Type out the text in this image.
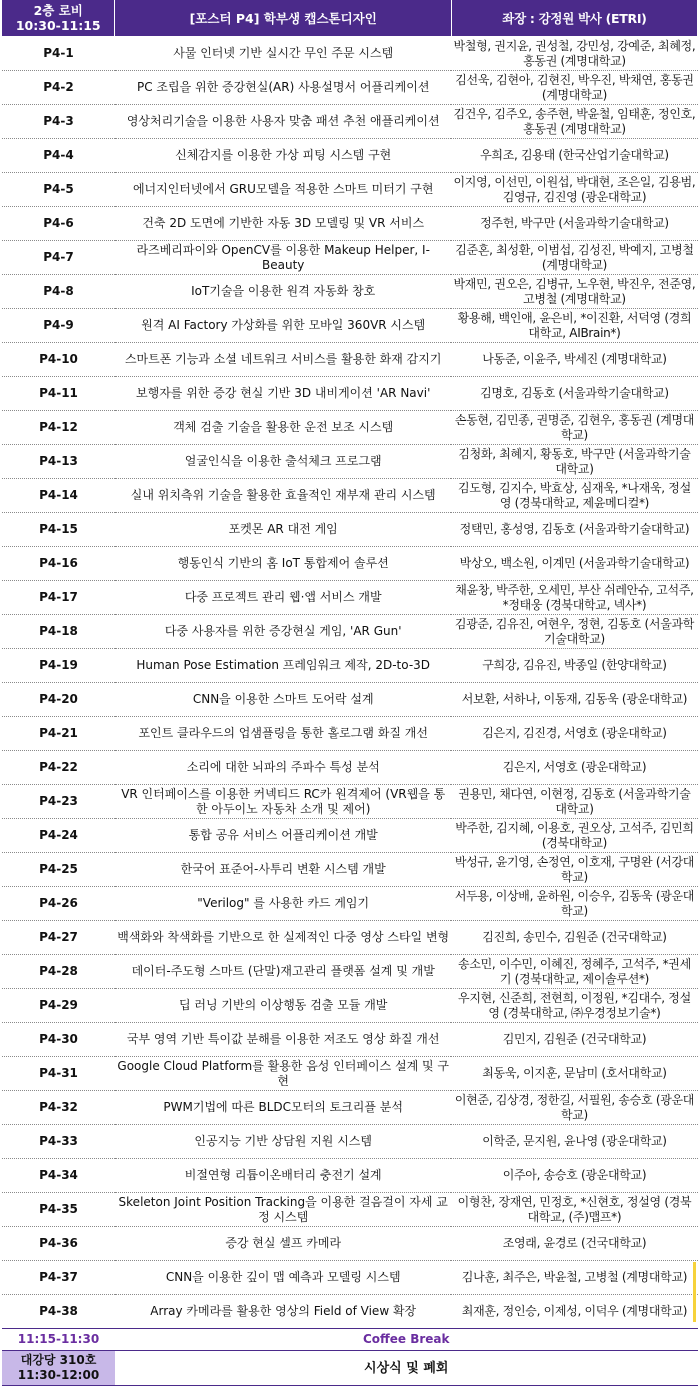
2층 로비
10:30-11:15	[포스터 P4] 학부생 캡스톤디자인	좌장 : 강정원 박사 (ETRI)
P4-1	사물 인터넷 기반 실시간 무인 주문 시스템	박철형, 권지윤, 권성철, 강민성, 강예준, 최혜정, 홍동권 (계명대학교)
P4-2	PC 조립을 위한 증강현실(AR) 사용설명서 어플리케이션	김선욱, 김현아, 김현진, 박우진, 박채연, 홍동권 (계명대학교)
P4-3	영상처리기술을 이용한 사용자 맞춤 패션 추천 애플리케이션	김건우, 김주오, 송주현, 박윤철, 임태훈, 정인호, 홍동권 (계명대학교)
P4-4	신체감지를 이용한 가상 피팅 시스템 구현	우희조, 김용태 (한국산업기술대학교)
P4-5	에너지인터넷에서 GRU모델을 적용한 스마트 미터기 구현	이지영, 이선민, 이원섭, 박대현, 조은일, 김용범, 김영규, 김진영 (광운대학교)
P4-6	건축 2D 도면에 기반한 자동 3D 모델링 및 VR 서비스	정주헌, 박구만 (서울과학기술대학교)
P4-7	라즈베리파이와 OpenCV를 이용한 Makeup Helper, I-Beauty	김준혼, 최성환, 이범섭, 김성진, 박예지, 고병철 (계명대학교)
P4-8	IoT기술을 이용한 원격 자동화 창호	박재민, 권오은, 김병규, 노우현, 박진우, 전준영, 고병철 (계명대학교)
P4-9	원격 AI Factory 가상화를 위한 모바일 360VR 시스템	황용해, 백인애, 윤은비, *이진환, 서덕영 (경희대학교, AIBrain*)
P4-10	스마트폰 기능과 소셜 네트워크 서비스를 활용한 화재 감지기	나동준, 이윤주, 박세진 (계명대학교)
P4-11	보행자를 위한 증강 현실 기반 3D 내비게이션 'AR Navi'	김명호, 김동호 (서울과학기술대학교)
P4-12	객체 검출 기술을 활용한 운전 보조 시스템	손동현, 김민종, 권명준, 김현우, 홍동권 (계명대학교)
P4-13	얼굴인식을 이용한 출석체크 프로그램	김청화, 최혜지, 황동호, 박구만 (서울과학기술대학교)
P4-14	실내 위치측위 기술을 활용한 효율적인 재부재 관리 시스템	김도형, 김지수, 박효상, 심재욱, *나재욱, 정설영 (경북대학교, 제윤메디컬*)
P4-15	포켓몬 AR 대전 게임	정택민, 홍성영, 김동호 (서울과학기술대학교)
P4-16	행동인식 기반의 홈 IoT 통합제어 솔루션	박상오, 백소원, 이계민 (서울과학기술대학교)
P4-17	다중 프로젝트 관리 웹·앱 서비스 개발	채윤창, 박주한, 오세민, 부산 쉬레안슈, 고석주, *정태웅 (경북대학교, 넥사*)
P4-18	다중 사용자를 위한 증강현실 게임, 'AR Gun'	김광준, 김유진, 여현우, 정현, 김동호 (서울과학기술대학교)
P4-19	Human Pose Estimation 프레임워크 제작, 2D-to-3D	구희강, 김유진, 박종일 (한양대학교)
P4-20	CNN을 이용한 스마트 도어락 설계	서보환, 서하나, 이동재, 김동욱 (광운대학교)
P4-21	포인트 클라우드의 업샘플링을 통한 홀로그램 화질 개선	김은지, 김진경, 서영호 (광운대학교)
P4-22	소리에 대한 뇌파의 주파수 특성 분석	김은지, 서영호 (광운대학교)
P4-23	VR 인터페이스를 이용한 커넥티드 RC카 원격제어 (VR웹을 통한 아두이노 자동차 소개 및 제어)	권용민, 채다연, 이현정, 김동호 (서울과학기술대학교)
P4-24	통합 공유 서비스 어플리케이션 개발	박주한, 김지혜, 이용호, 권오상, 고석주, 김민희 (경북대학교)
P4-25	한국어 표준어-사투리 변환 시스템 개발	박성규, 윤기영, 손정연, 이호재, 구명완 (서강대학교)
P4-26	"Verilog" 를 사용한 카드 게임기	서두용, 이상배, 윤하원, 이승우, 김동욱 (광운대학교)
P4-27	백색화와 착색화를 기반으로 한 실제적인 다중 영상 스타일 변형	김진희, 송민수, 김원준 (건국대학교)
P4-28	데이터-주도형 스마트 (단말)재고관리 플랫폼 설계 및 개발	송소민, 이수민, 이혜진, 정혜주, 고석주, *권세기 (경북대학교, 제이솔루션*)
P4-29	딥 러닝 기반의 이상행동 검출 모듈 개발	우지현, 신준희, 전현희, 이정원, *김대수, 정설영 (경북대학교, ㈜우경정보기술*)
P4-30	국부 영역 기반 특이값 분해를 이용한 저조도 영상 화질 개선	김민지, 김원준 (건국대학교)
P4-31	Google Cloud Platform를 활용한 음성 인터페이스 설계 및 구현	최동욱, 이지훈, 문남미 (호서대학교)
P4-32	PWM기법에 따른 BLDC모터의 토크리플 분석	이현준, 김상경, 정한길, 서필원, 송승호 (광운대학교)
P4-33	인공지능 기반 상담원 지원 시스템	이학준, 문지원, 윤나영 (광운대학교)
P4-34	비절연형 리튬이온배터리 충전기 설계	이주아, 송승호 (광운대학교)
P4-35	Skeleton Joint Position Tracking을 이용한 걸음걸이 자세 교정 시스템	이형찬, 장재연, 민정호, *신현호, 정설영 (경북대학교, (주)맵프*)
P4-36	증강 현실 셀프 카메라	조영래, 윤경로 (건국대학교)
P4-37	CNN을 이용한 깊이 맵 예측과 모델링 시스템	김나훈, 최주은, 박윤철, 고병철 (계명대학교)
P4-38	Array 카메라를 활용한 영상의 Field of View 확장	최재훈, 정인승, 이제성, 이덕우 (계명대학교)
11:15-11:30	Coffee Break	

대강당 310호
11:30-12:00	시상식 및 폐회	
